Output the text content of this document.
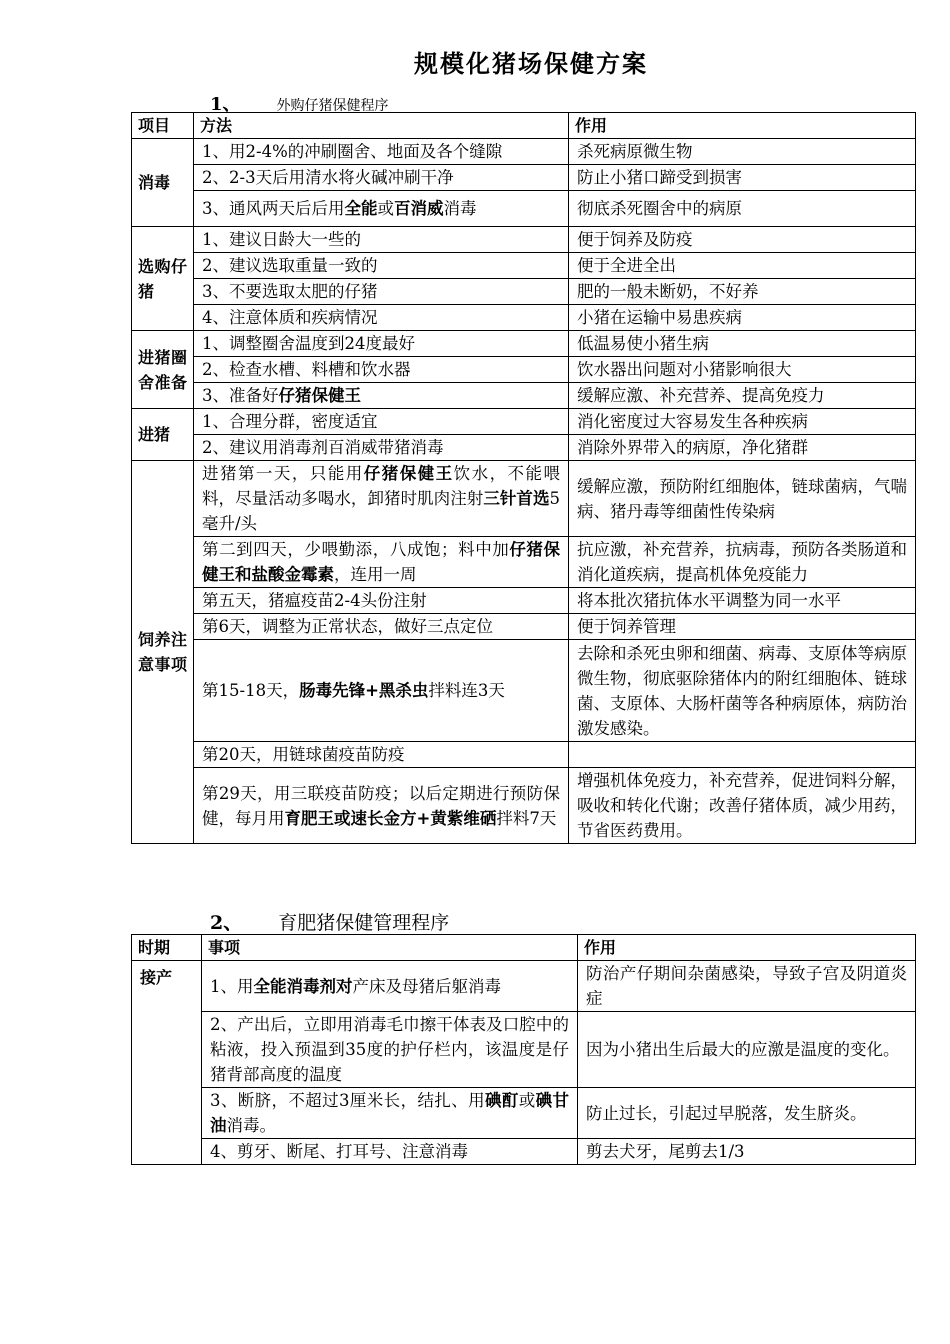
规模化猪场保健方案
1、	外购仔猪保健程序
项目	方法	作用
消毒	1、用2-4%的冲刷圈舍、地面及各个缝隙	杀死病原微生物
	2、2-3天后用清水将火碱冲刷干净	防止小猪口蹄受到损害
	3、通风两天后后用全能或百消威消毒	彻底杀死圈舍中的病原
选购仔猪	1、建议日龄大一些的	便于饲养及防疫
	2、建议选取重量一致的	便于全进全出
	3、不要选取太肥的仔猪	肥的一般未断奶，不好养
	4、注意体质和疾病情况	小猪在运输中易患疾病
进猪圈舍准备	1、调整圈舍温度到24度最好	低温易使小猪生病
	2、检查水槽、料槽和饮水器	饮水器出问题对小猪影响很大
	3、准备好仔猪保健王	缓解应激、补充营养、提高免疫力
进猪	1、合理分群，密度适宜	消化密度过大容易发生各种疾病
	2、建议用消毒剂百消威带猪消毒	消除外界带入的病原，净化猪群
饲养注意事项	进猪第一天，只能用仔猪保健王饮水，不能喂料，尽量活动多喝水，卸猪时肌肉注射三针首选5毫升/头	缓解应激，预防附红细胞体，链球菌病，气喘病、猪丹毒等细菌性传染病
	第二到四天，少喂勤添，八成饱；料中加仔猪保健王和盐酸金霉素，连用一周	抗应激，补充营养，抗病毒，预防各类肠道和消化道疾病，提高机体免疫能力
	第五天，猪瘟疫苗2-4头份注射	将本批次猪抗体水平调整为同一水平
	第6天，调整为正常状态，做好三点定位	便于饲养管理
	第15-18天，肠毒先锋+黑杀虫拌料连3天	去除和杀死虫卵和细菌、病毒、支原体等病原微生物，彻底驱除猪体内的附红细胞体、链球菌、支原体、大肠杆菌等各种病原体，病防治激发感染。
	第20天，用链球菌疫苗防疫	
	第29天，用三联疫苗防疫；以后定期进行预防保健，每月用育肥王或速长金方+黄紫维硒拌料7天	增强机体免疫力，补充营养，促进饲料分解，吸收和转化代谢；改善仔猪体质，减少用药，节省医药费用。
2、 育肥猪保健管理程序
时期	事项	作用
接产	1、用全能消毒剂对产床及母猪后躯消毒	防治产仔期间杂菌感染，导致子宫及阴道炎症
	2、产出后，立即用消毒毛巾擦干体表及口腔中的粘液，投入预温到35度的护仔栏内，该温度是仔猪背部高度的温度	因为小猪出生后最大的应激是温度的变化。
	3、断脐，不超过3厘米长，结扎、用碘酊或碘甘油消毒。	防止过长，引起过早脱落，发生脐炎。
	4、剪牙、断尾、打耳号、注意消毒	剪去犬牙，尾剪去1/3
